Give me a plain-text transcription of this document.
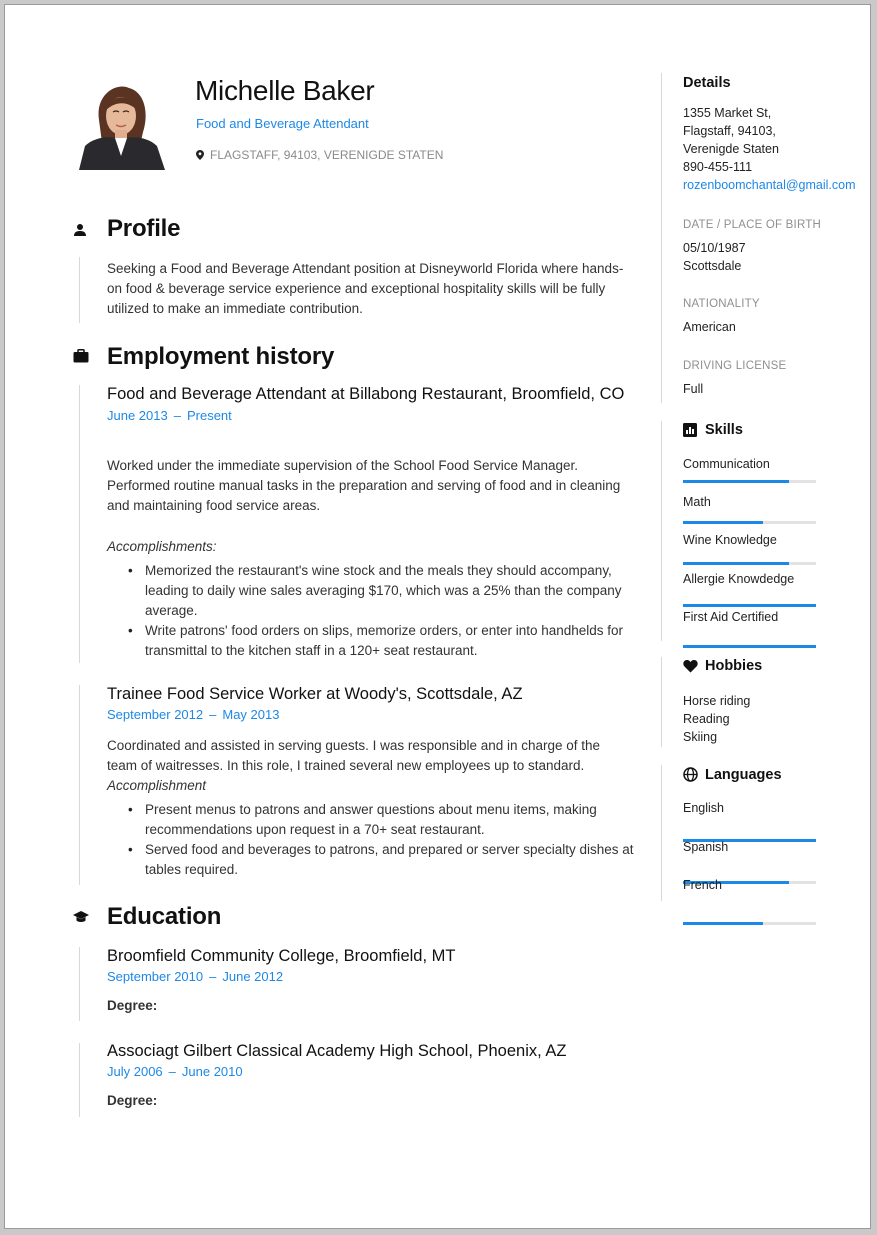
Michelle Baker
Food and Beverage Attendant
FLAGSTAFF, 94103, VERENIGDE STATEN
Profile
Seeking a Food and Beverage Attendant position at Disneyworld Florida where hands-on food & beverage service experience and exceptional hospitality skills will be fully utilized to make an immediate contribution.
Employment history
Food and Beverage Attendant at Billabong Restaurant, Broomfield, CO
June 2013 – Present
Worked under the immediate supervision of the School Food Service Manager. Performed routine manual tasks in the preparation and serving of food and in cleaning and maintaining food service areas.
Accomplishments:
• Memorized the restaurant's wine stock and the meals they should accompany, leading to daily wine sales averaging $170, which was a 25% than the company average.
• Write patrons' food orders on slips, memorize orders, or enter into handhelds for transmittal to the kitchen staff in a 120+ seat restaurant.
Trainee Food Service Worker at Woody's, Scottsdale, AZ
September 2012 – May 2013
Coordinated and assisted in serving guests. I was responsible and in charge of the team of waitresses. In this role, I trained several new employees up to standard.
Accomplishment
• Present menus to patrons and answer questions about menu items, making recommendations upon request in a 70+ seat restaurant.
• Served food and beverages to patrons, and prepared or server specialty dishes at tables required.
Education
Broomfield Community College, Broomfield, MT
September 2010 – June 2012
Degree:
Associagt Gilbert Classical Academy High School, Phoenix, AZ
July 2006 – June 2010
Degree:
Details
1355 Market St,
Flagstaff, 94103,
Verenigde Staten
890-455-111
rozenboomchantal@gmail.com
DATE / PLACE OF BIRTH
05/10/1987
Scottsdale
NATIONALITY
American
DRIVING LICENSE
Full
Skills
Communication
Math
Wine Knowledge
Allergie Knowdedge
First Aid Certified
Hobbies
Horse riding
Reading
Skiing
Languages
English
Spanish
French
